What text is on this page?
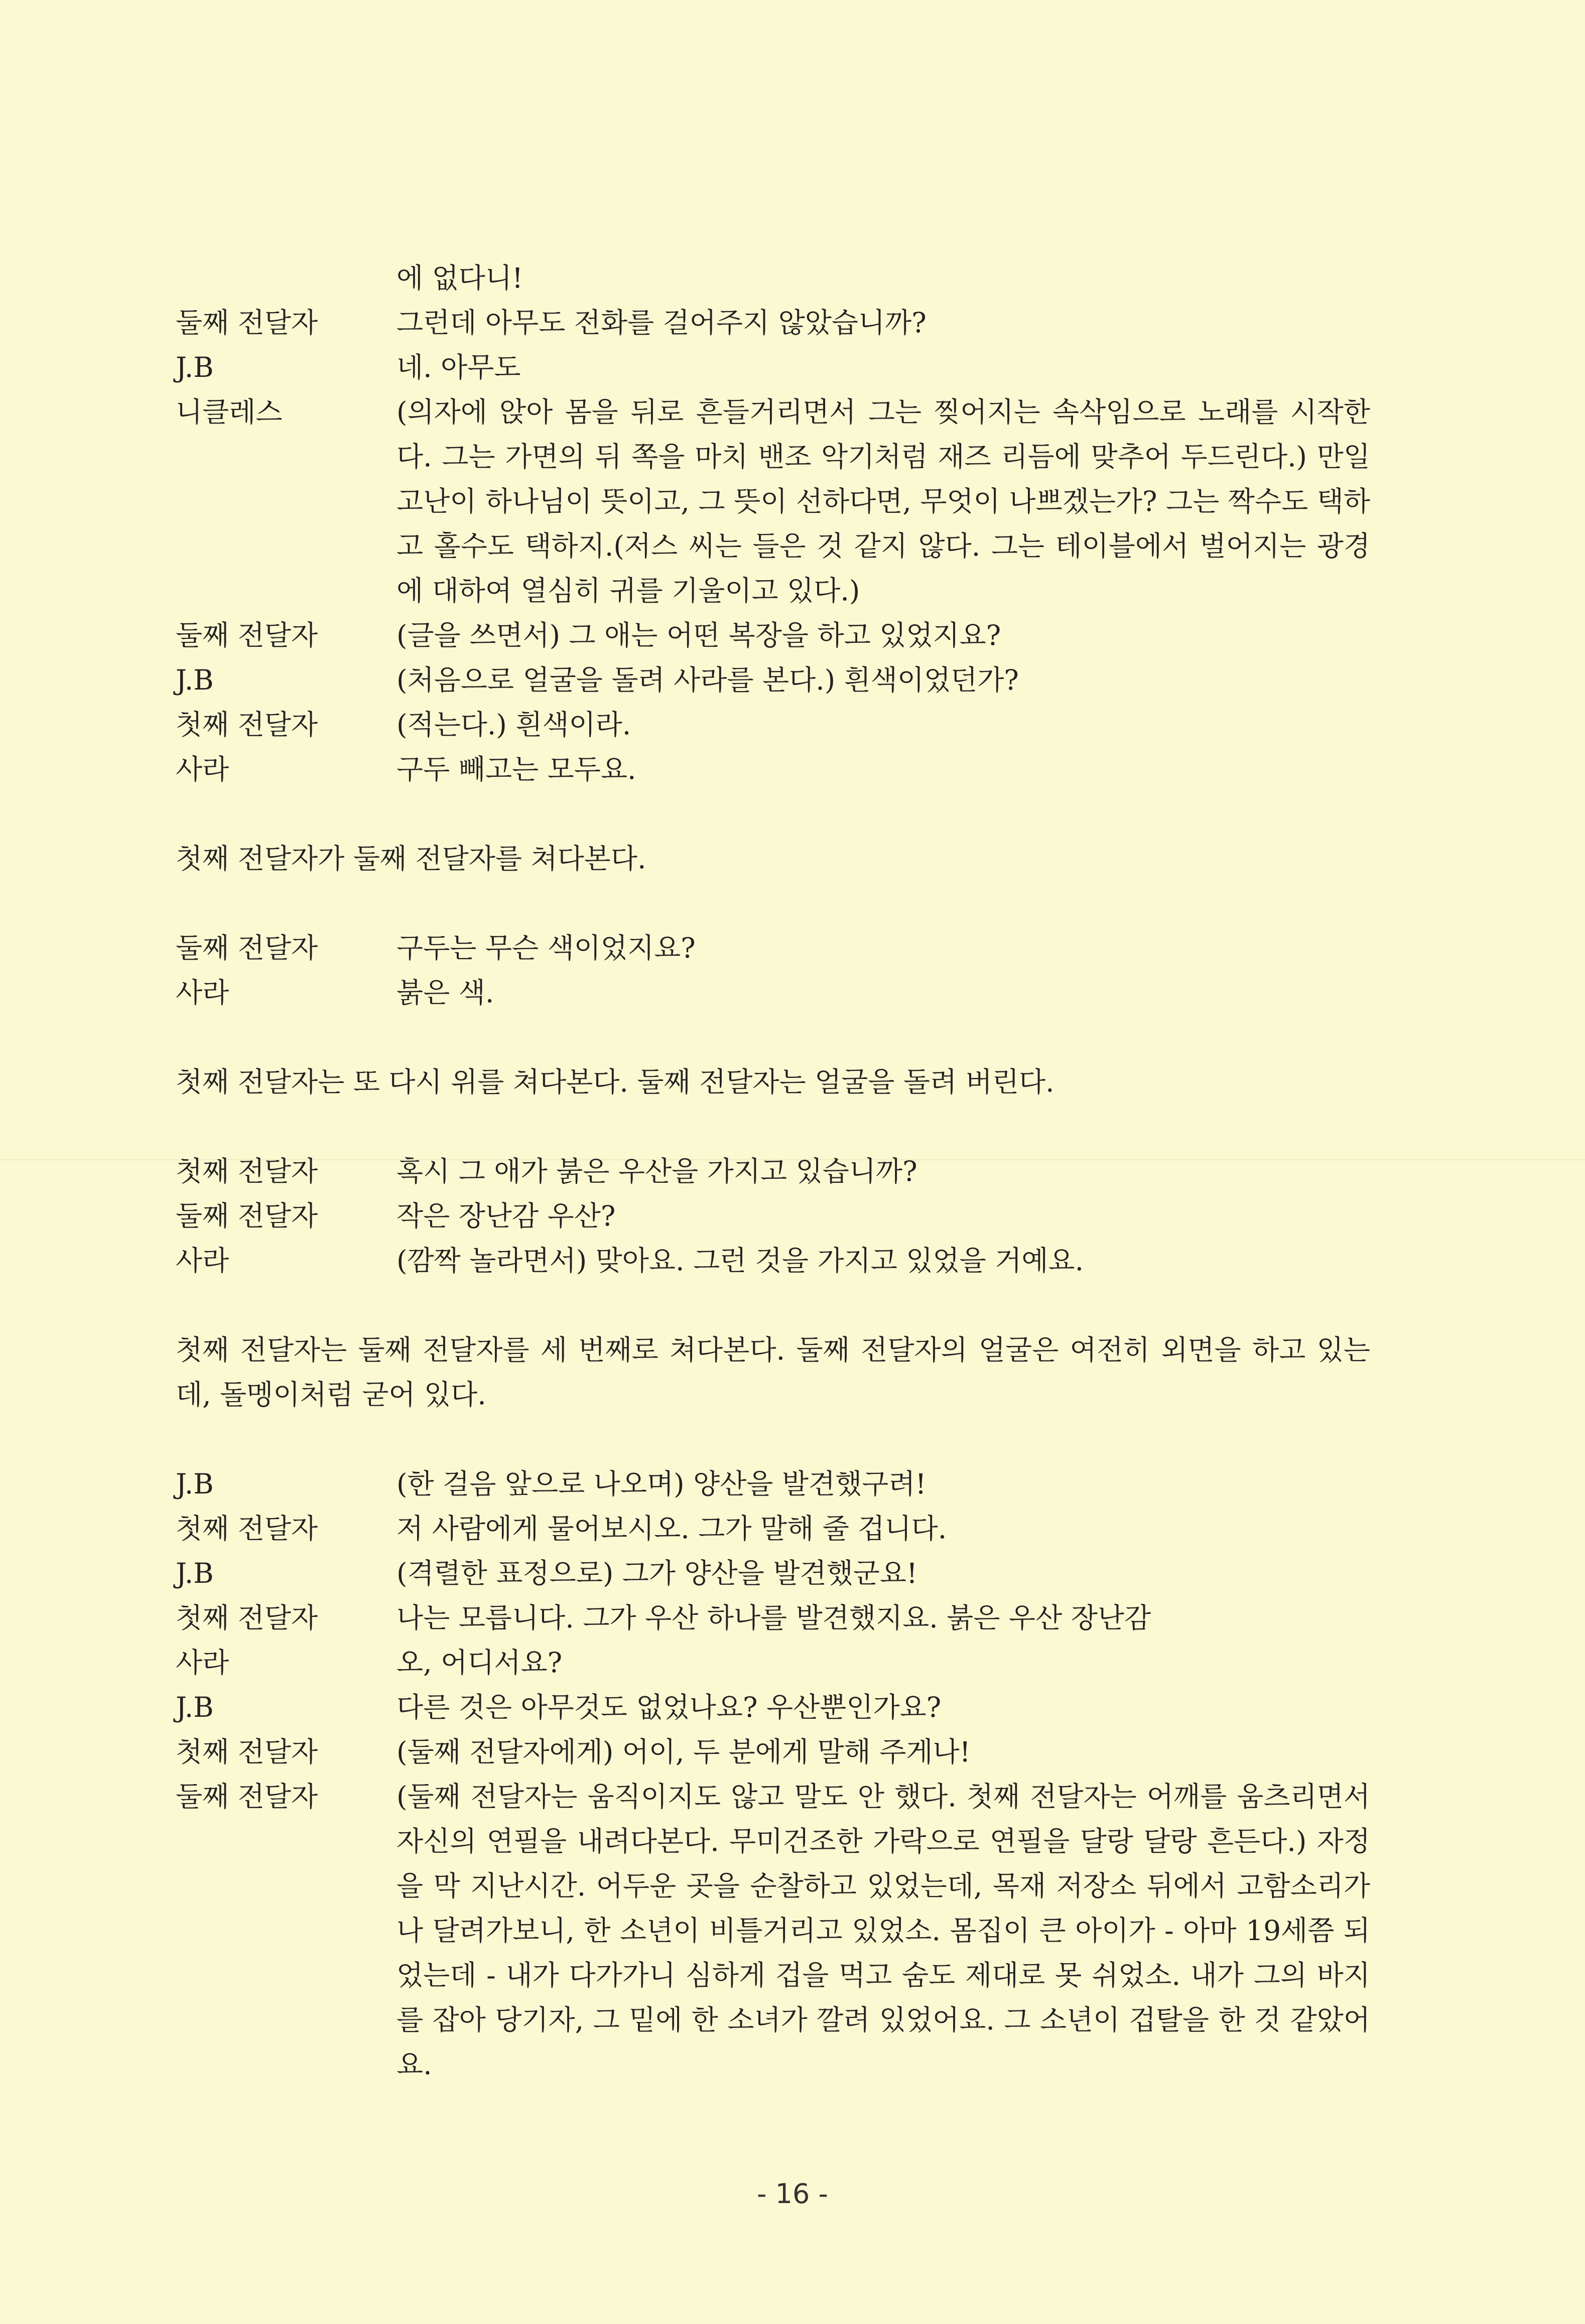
에 없다니!
둘째 전달자	그런데 아무도 전화를 걸어주지 않았습니까?
J.B	네. 아무도
니클레스	(의자에 앉아 몸을 뒤로 흔들거리면서 그는 찢어지는 속삭임으로 노래를 시작한다. 그는 가면의 뒤 쪽을 마치 밴조 악기처럼 재즈 리듬에 맞추어 두드린다.) 만일 고난이 하나님이 뜻이고, 그 뜻이 선하다면, 무엇이 나쁘겠는가? 그는 짝수도 택하고 홀수도 택하지.(저스 씨는 들은 것 같지 않다. 그는 테이블에서 벌어지는 광경에 대하여 열심히 귀를 기울이고 있다.)
둘째 전달자	(글을 쓰면서) 그 애는 어떤 복장을 하고 있었지요?
J.B	(처음으로 얼굴을 돌려 사라를 본다.) 흰색이었던가?
첫째 전달자	(적는다.) 흰색이라.
사라	구두 빼고는 모두요.
첫째 전달자가 둘째 전달자를 쳐다본다.
둘째 전달자	구두는 무슨 색이었지요?
사라	붉은 색.
첫째 전달자는 또 다시 위를 쳐다본다. 둘째 전달자는 얼굴을 돌려 버린다.
첫째 전달자	혹시 그 애가 붉은 우산을 가지고 있습니까?
둘째 전달자	작은 장난감 우산?
사라	(깜짝 놀라면서) 맞아요. 그런 것을 가지고 있었을 거예요.
첫째 전달자는 둘째 전달자를 세 번째로 쳐다본다. 둘째 전달자의 얼굴은 여전히 외면을 하고 있는데, 돌멩이처럼 굳어 있다.
J.B	(한 걸음 앞으로 나오며) 양산을 발견했구려!
첫째 전달자	저 사람에게 물어보시오. 그가 말해 줄 겁니다.
J.B	(격렬한 표정으로) 그가 양산을 발견했군요!
첫째 전달자	나는 모릅니다. 그가 우산 하나를 발견했지요. 붉은 우산 장난감
사라	오, 어디서요?
J.B	다른 것은 아무것도 없었나요? 우산뿐인가요?
첫째 전달자	(둘째 전달자에게) 어이, 두 분에게 말해 주게나!
둘째 전달자	(둘째 전달자는 움직이지도 않고 말도 안 했다. 첫째 전달자는 어깨를 움츠리면서 자신의 연필을 내려다본다. 무미건조한 가락으로 연필을 달랑 달랑 흔든다.) 자정을 막 지난시간. 어두운 곳을 순찰하고 있었는데, 목재 저장소 뒤에서 고함소리가 나 달려가보니, 한 소년이 비틀거리고 있었소. 몸집이 큰 아이가 - 아마 19세쯤 되었는데 - 내가 다가가니 심하게 겁을 먹고 숨도 제대로 못 쉬었소. 내가 그의 바지를 잡아 당기자, 그 밑에 한 소녀가 깔려 있었어요. 그 소년이 겁탈을 한 것 같았어요.
- 16 -
